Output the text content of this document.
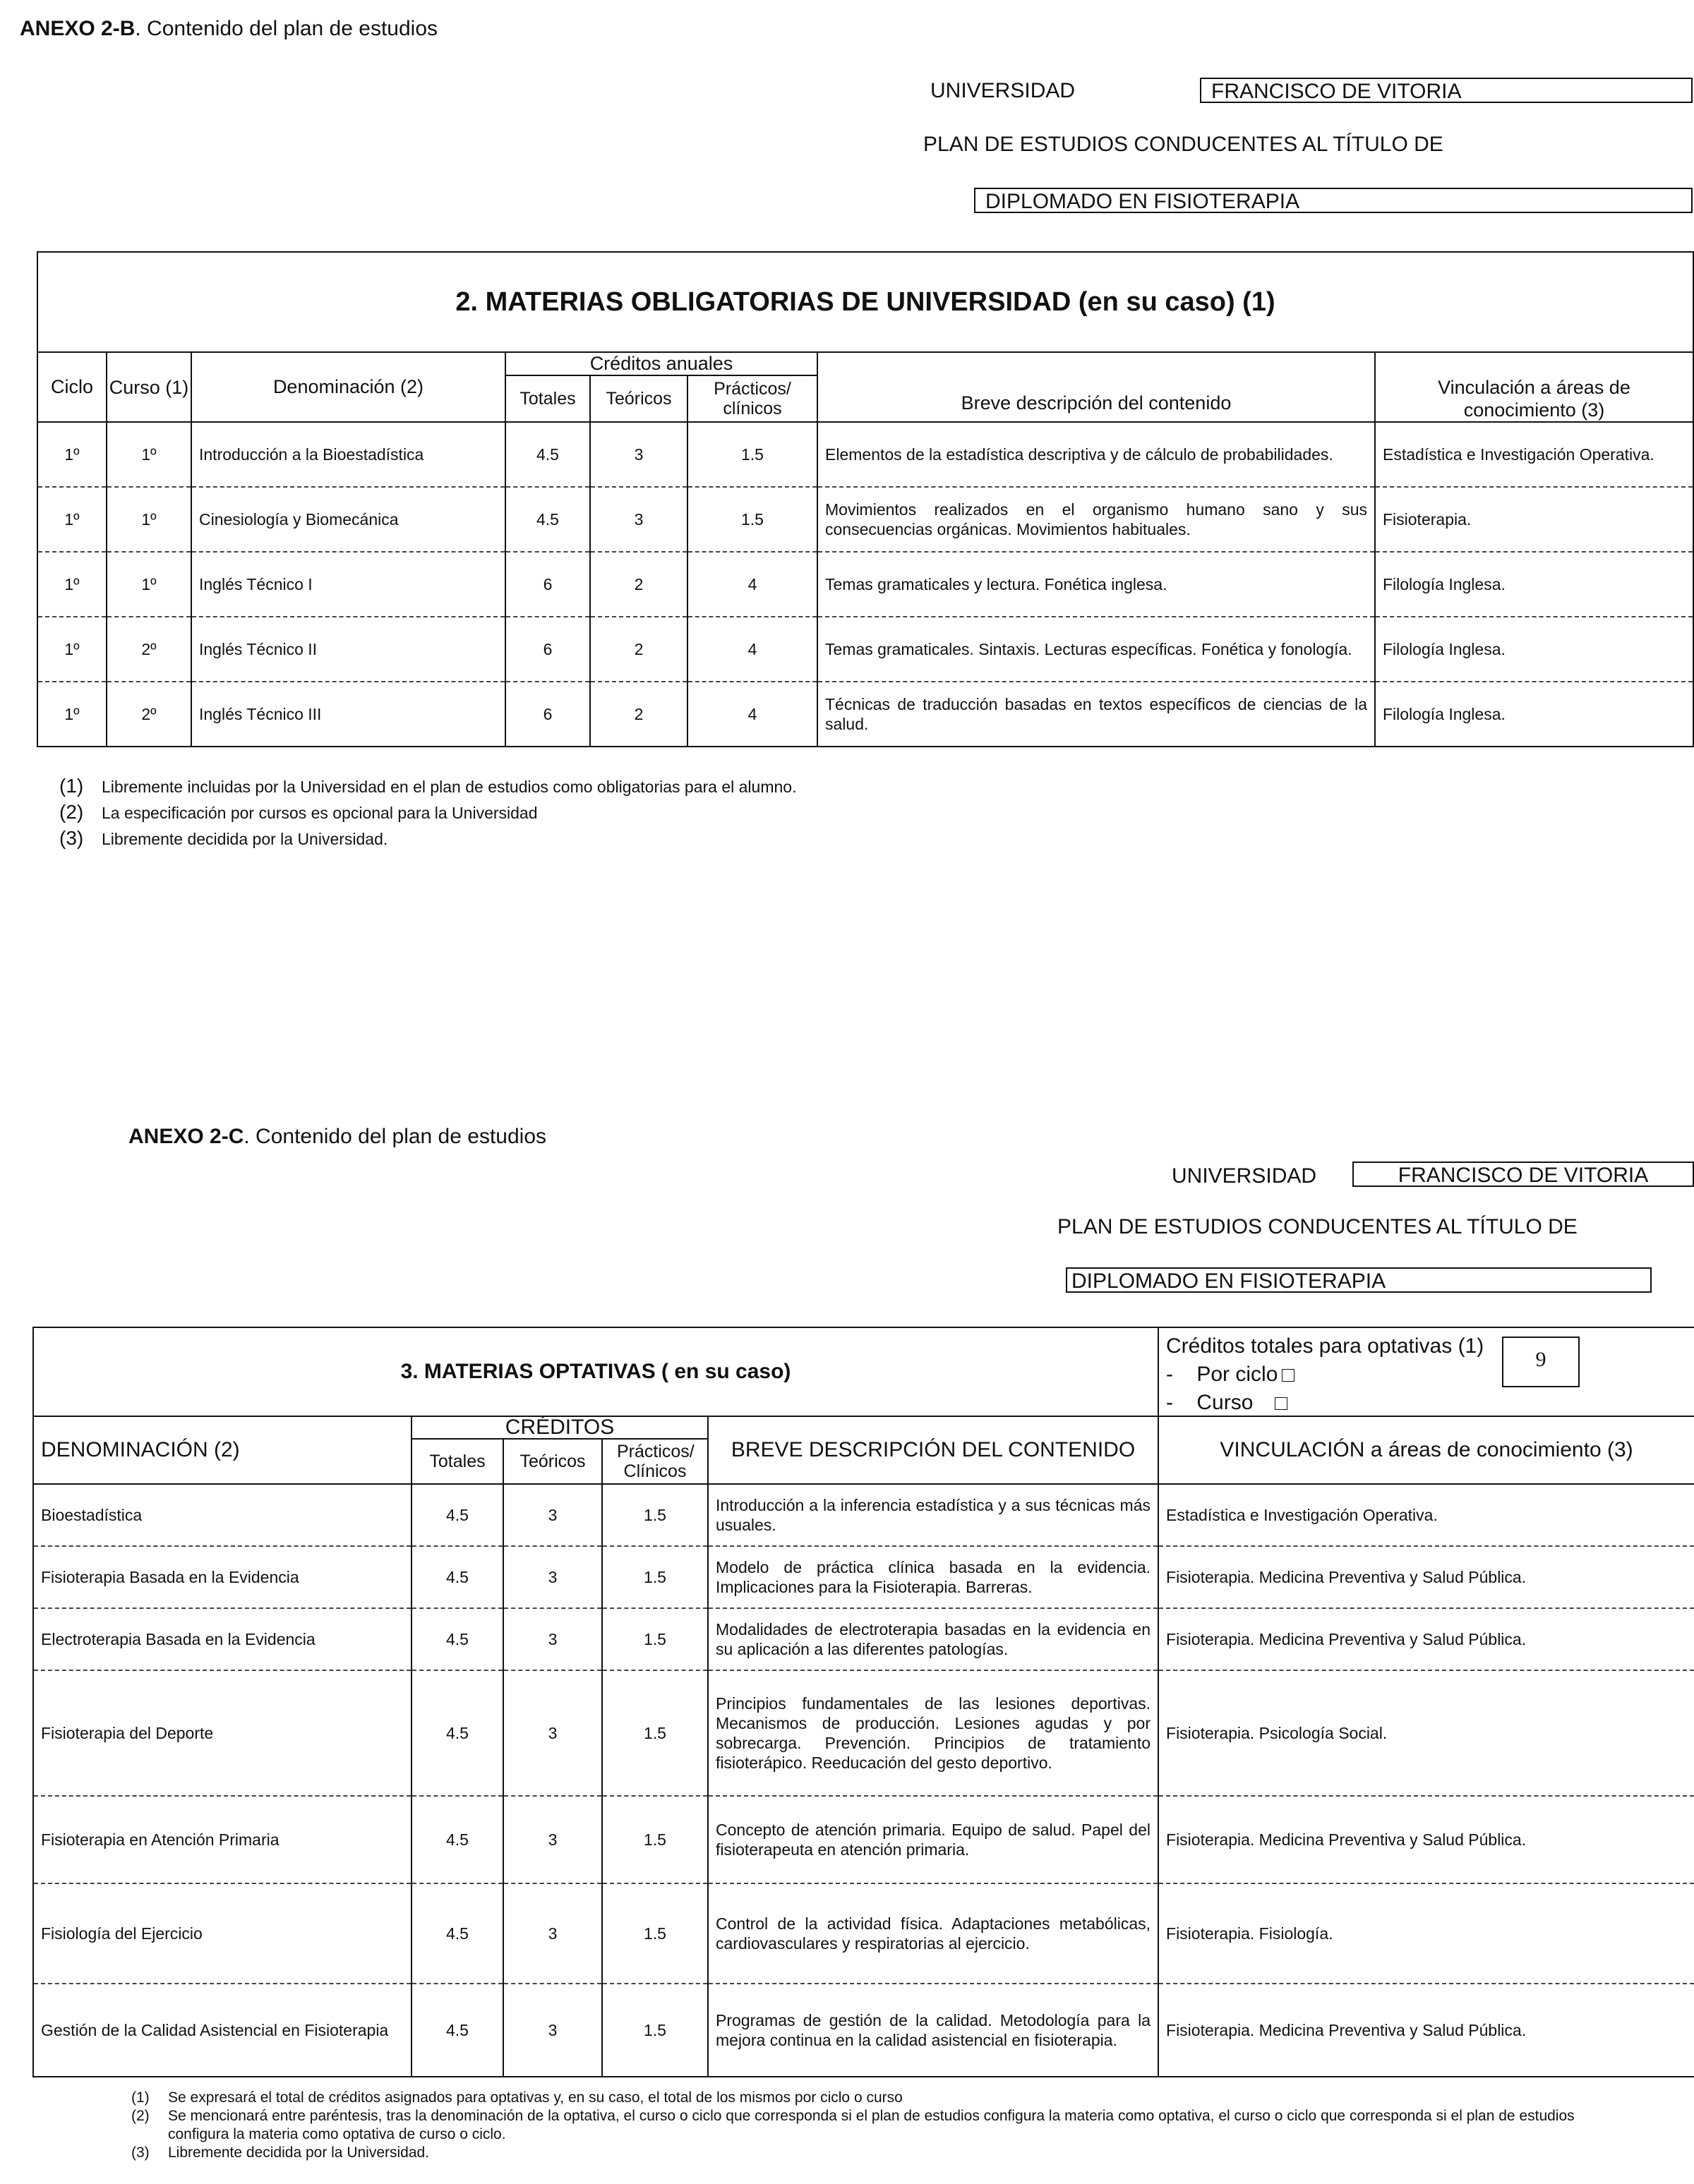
ANEXO 2-B. Contenido del plan de estudios
UNIVERSIDAD	FRANCISCO DE VITORIA
PLAN DE ESTUDIOS CONDUCENTES AL TÍTULO DE
DIPLOMADO EN FISIOTERAPIA
2. MATERIAS OBLIGATORIAS DE UNIVERSIDAD (en su caso) (1)							
Ciclo	Curso (1)	Denominación (2)	Créditos anuales			Breve descripción del contenido	Vinculación a áreas de conocimiento (3)
			Totales	Teóricos	Prácticos/ clínicos		
1º	1º	Introducción a la Bioestadística	4.5	3	1.5	Elementos de la estadística descriptiva y de cálculo de probabilidades.	Estadística e Investigación Operativa.
1º	1º	Cinesiología y Biomecánica	4.5	3	1.5	Movimientos realizados en el organismo humano sano y sus consecuencias orgánicas. Movimientos habituales.	Fisioterapia.
1º	1º	Inglés Técnico I	6	2	4	Temas gramaticales y lectura. Fonética inglesa.	Filología Inglesa.
1º	2º	Inglés Técnico II	6	2	4	Temas gramaticales. Sintaxis. Lecturas específicas. Fonética y fonología.	Filología Inglesa.
1º	2º	Inglés Técnico III	6	2	4	Técnicas de traducción basadas en textos específicos de ciencias de la salud.	Filología Inglesa.
(1) Libremente incluidas por la Universidad en el plan de estudios como obligatorias para el alumno.
(2) La especificación por cursos es opcional para la Universidad
(3) Libremente decidida por la Universidad.
ANEXO 2-C. Contenido del plan de estudios
UNIVERSIDAD	FRANCISCO DE VITORIA
PLAN DE ESTUDIOS CONDUCENTES AL TÍTULO DE
DIPLOMADO EN FISIOTERAPIA
3. MATERIAS OPTATIVAS ( en su caso)					Créditos totales para optativas (1)
-    Por ciclo
-    Curso
9

DENOMINACIÓN (2)	CRÉDITOS			BREVE DESCRIPCIÓN DEL CONTENIDO	VINCULACIÓN a áreas de conocimiento (3)
	Totales	Teóricos	Prácticos/ Clínicos		
Bioestadística	4.5	3	1.5	Introducción a la inferencia estadística y a sus técnicas más usuales.	Estadística e Investigación Operativa.
Fisioterapia Basada en la Evidencia	4.5	3	1.5	Modelo de práctica clínica basada en la evidencia. Implicaciones para la Fisioterapia. Barreras.	Fisioterapia. Medicina Preventiva y Salud Pública.
Electroterapia Basada en la Evidencia	4.5	3	1.5	Modalidades de electroterapia basadas en la evidencia en su aplicación a las diferentes patologías.	Fisioterapia. Medicina Preventiva y Salud Pública.
Fisioterapia del Deporte	4.5	3	1.5	Principios fundamentales de las lesiones deportivas. Mecanismos de producción. Lesiones agudas y por sobrecarga. Prevención. Principios de tratamiento fisioterápico. Reeducación del gesto deportivo.	Fisioterapia. Psicología Social.
Fisioterapia en Atención Primaria	4.5	3	1.5	Concepto de atención primaria. Equipo de salud. Papel del fisioterapeuta en atención primaria.	Fisioterapia. Medicina Preventiva y Salud Pública.
Fisiología del Ejercicio	4.5	3	1.5	Control de la actividad física. Adaptaciones metabólicas, cardiovasculares y respiratorias al ejercicio.	Fisioterapia. Fisiología.
Gestión de la Calidad Asistencial en Fisioterapia	4.5	3	1.5	Programas de gestión de la calidad. Metodología para la mejora continua en la calidad asistencial en fisioterapia.	Fisioterapia. Medicina Preventiva y Salud Pública.
(1) Se expresará el total de créditos asignados para optativas y, en su caso, el total de los mismos por ciclo o curso
(2)	Se mencionará entre paréntesis, tras la denominación de la optativa, el curso o ciclo que corresponda si el plan de estudios configura la materia como optativa, el curso o ciclo que corresponda si el plan de estudios configura la materia como optativa de curso o ciclo.
(3) Libremente decidida por la Universidad.
